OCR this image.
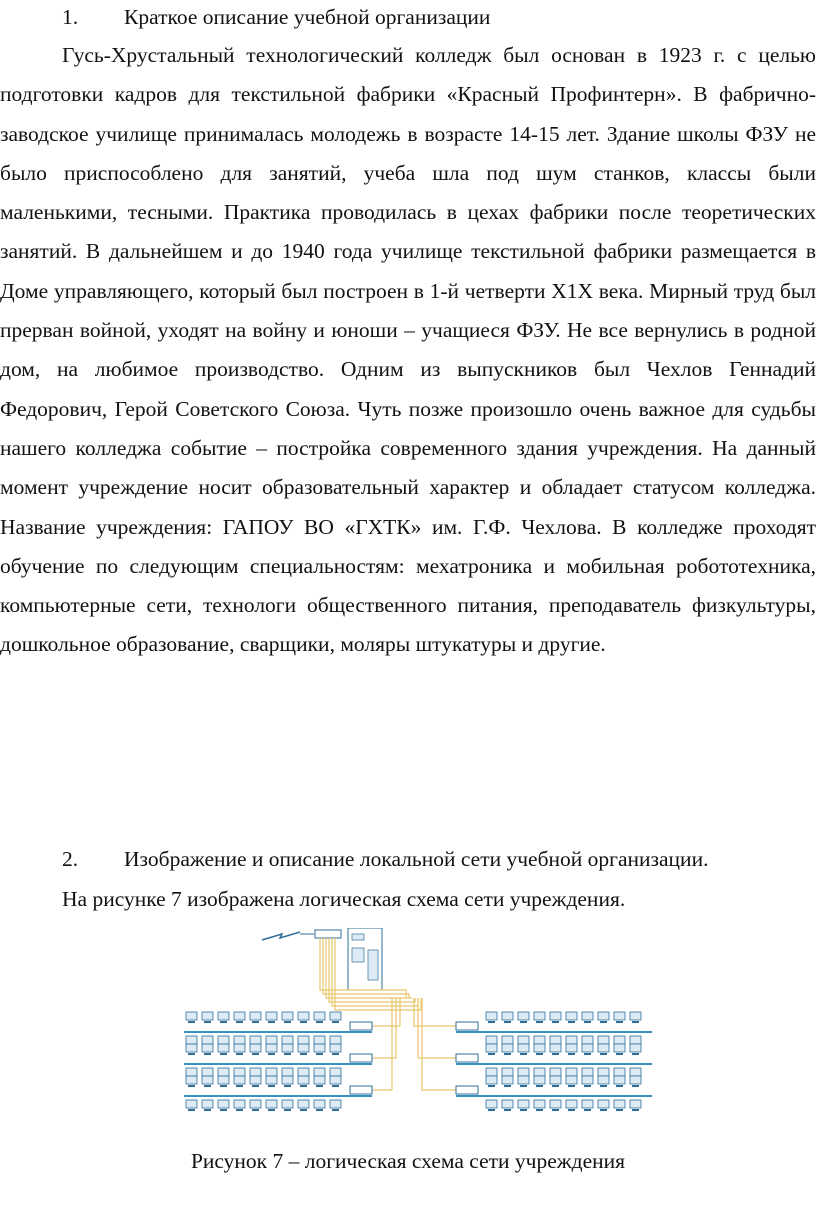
1. Краткое описание учебной организации
Гусь-Хрустальный технологический колледж был основан в 1923 г. с целью подготовки кадров для текстильной фабрики «Красный Профинтерн». В фабрично-заводское училище принималась молодежь в возрасте 14-15 лет. Здание школы ФЗУ не было приспособлено для занятий, учеба шла под шум станков, классы были маленькими, тесными. Практика проводилась в цехах фабрики после теоретических занятий. В дальнейшем и до 1940 года училище текстильной фабрики размещается в Доме управляющего, который был построен в 1-й четверти Х1Х века. Мирный труд был прерван войной, уходят на войну и юноши – учащиеся ФЗУ. Не все вернулись в родной дом, на любимое производство. Одним из выпускников был Чехлов Геннадий Федорович, Герой Советского Союза. Чуть позже произошло очень важное для судьбы нашего колледжа событие – постройка современного здания учреждения. На данный момент учреждение носит образовательный характер и обладает статусом колледжа. Название учреждения: ГАПОУ ВО «ГХТК» им. Г.Ф. Чехлова. В колледже проходят обучение по следующим специальностям: мехатроника и мобильная робототехника, компьютерные сети, технологи общественного питания, преподаватель физкультуры, дошкольное образование, сварщики, моляры штукатуры и другие.
2. Изображение и описание локальной сети учебной организации.
На рисунке 7 изображена логическая схема сети учреждения.
Рисунок 7 – логическая схема сети учреждения
